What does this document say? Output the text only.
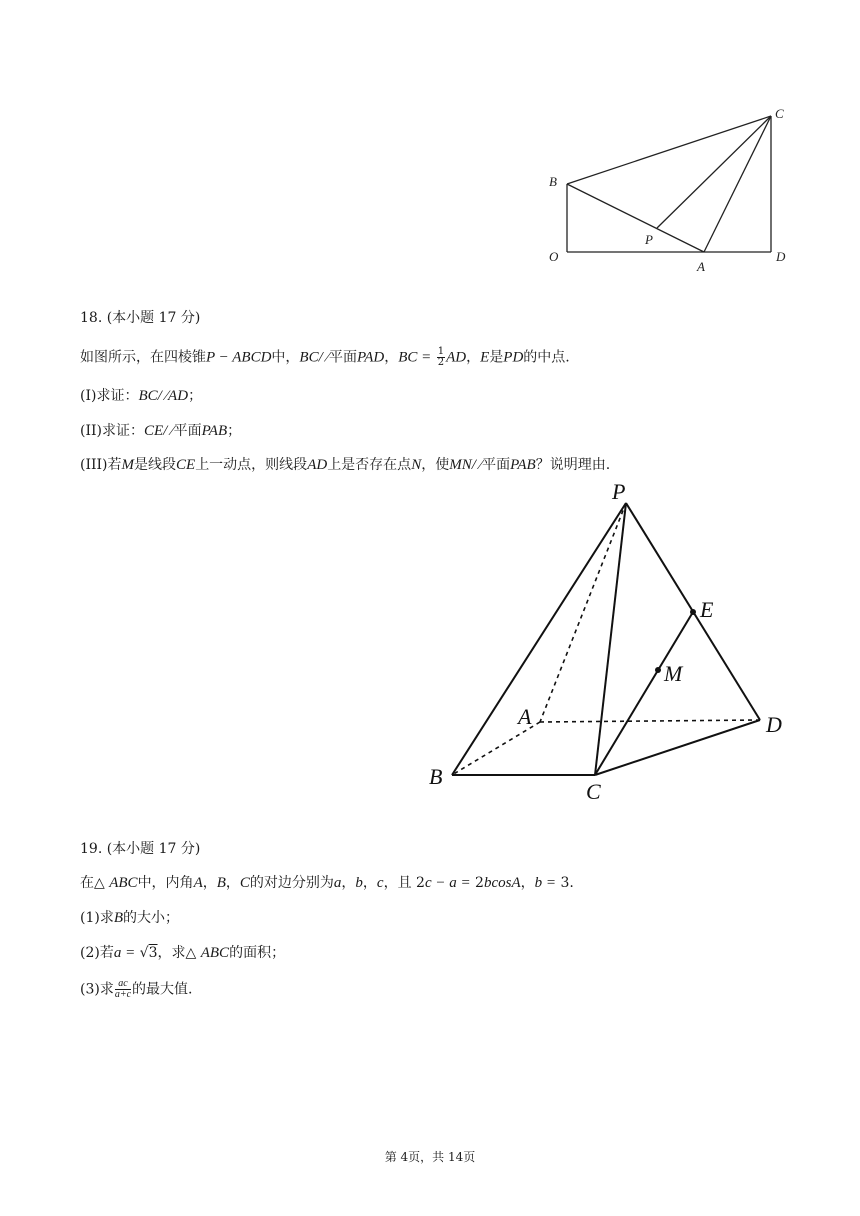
C
B
P
O
A
D
18. (本小题 17 分)
如图所示，在四棱锥P − ABCD中，BC/ ⁄平面PAD，BC = $\frac{1}{2}$ AD，E是PD的中点.
(I)求证：BC/ ⁄AD；
(II)求证：CE/ ⁄平面PAB；
(III)若M是线段CE上一动点，则线段AD上是否存在点N，使MN/ ⁄平面PAB？说明理由.
P
E
M
A	D
B
C
19. (本小题 17 分)
在△ ABC中，内角A，B，C的对边分别为a，b，c，且 2c − a = 2bcosA，b = 3.
(1)求B的大小；
(2)若a = √3，求△ ABC的面积；
(3)求 $\frac{ac}{a+c}$ 的最大值.
第 4页，共 14页
